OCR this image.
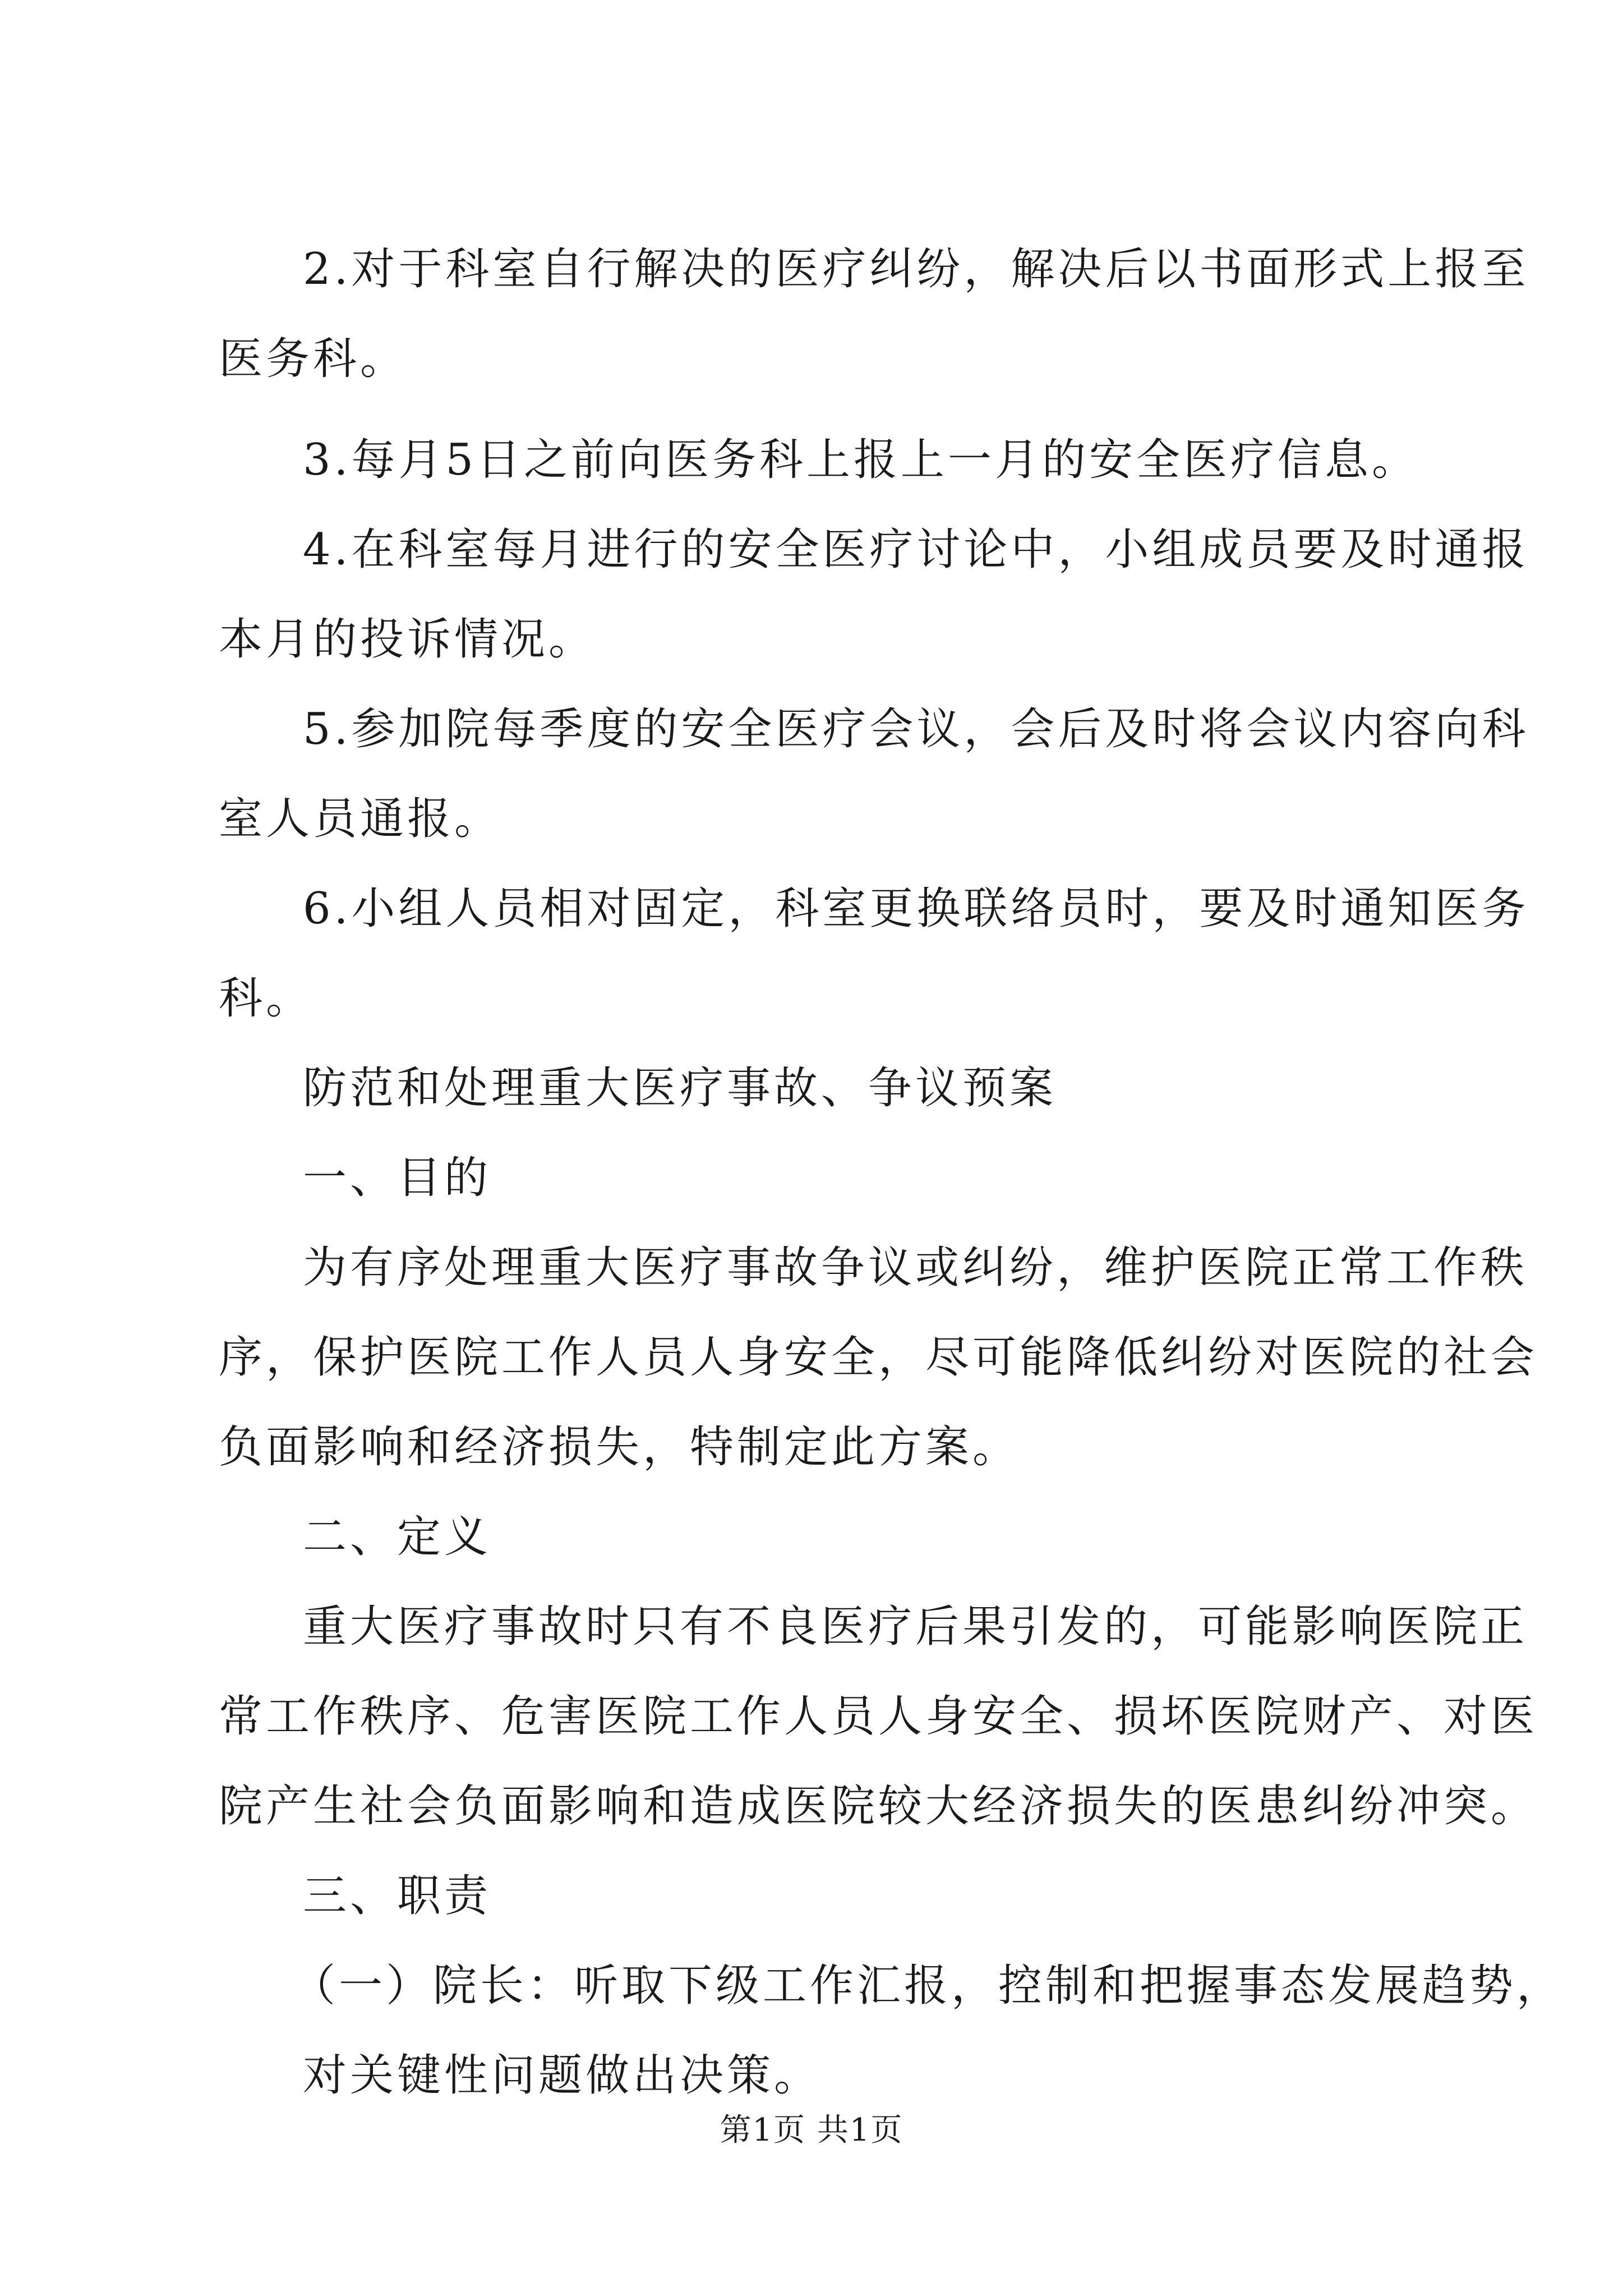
2.对于科室自行解决的医疗纠纷，解决后以书面形式上报至
医务科。
3.每月5日之前向医务科上报上一月的安全医疗信息。
4.在科室每月进行的安全医疗讨论中，小组成员要及时通报
本月的投诉情况。
5.参加院每季度的安全医疗会议，会后及时将会议内容向科
室人员通报。
6.小组人员相对固定，科室更换联络员时，要及时通知医务
科。
防范和处理重大医疗事故、争议预案
一、目的
为有序处理重大医疗事故争议或纠纷，维护医院正常工作秩
序，保护医院工作人员人身安全，尽可能降低纠纷对医院的社会
负面影响和经济损失，特制定此方案。
二、定义
重大医疗事故时只有不良医疗后果引发的，可能影响医院正
常工作秩序、危害医院工作人员人身安全、损坏医院财产、对医
院产生社会负面影响和造成医院较大经济损失的医患纠纷冲突。
三、职责
（一）院长：听取下级工作汇报，控制和把握事态发展趋势，
对关键性问题做出决策。
第1页 共1页
